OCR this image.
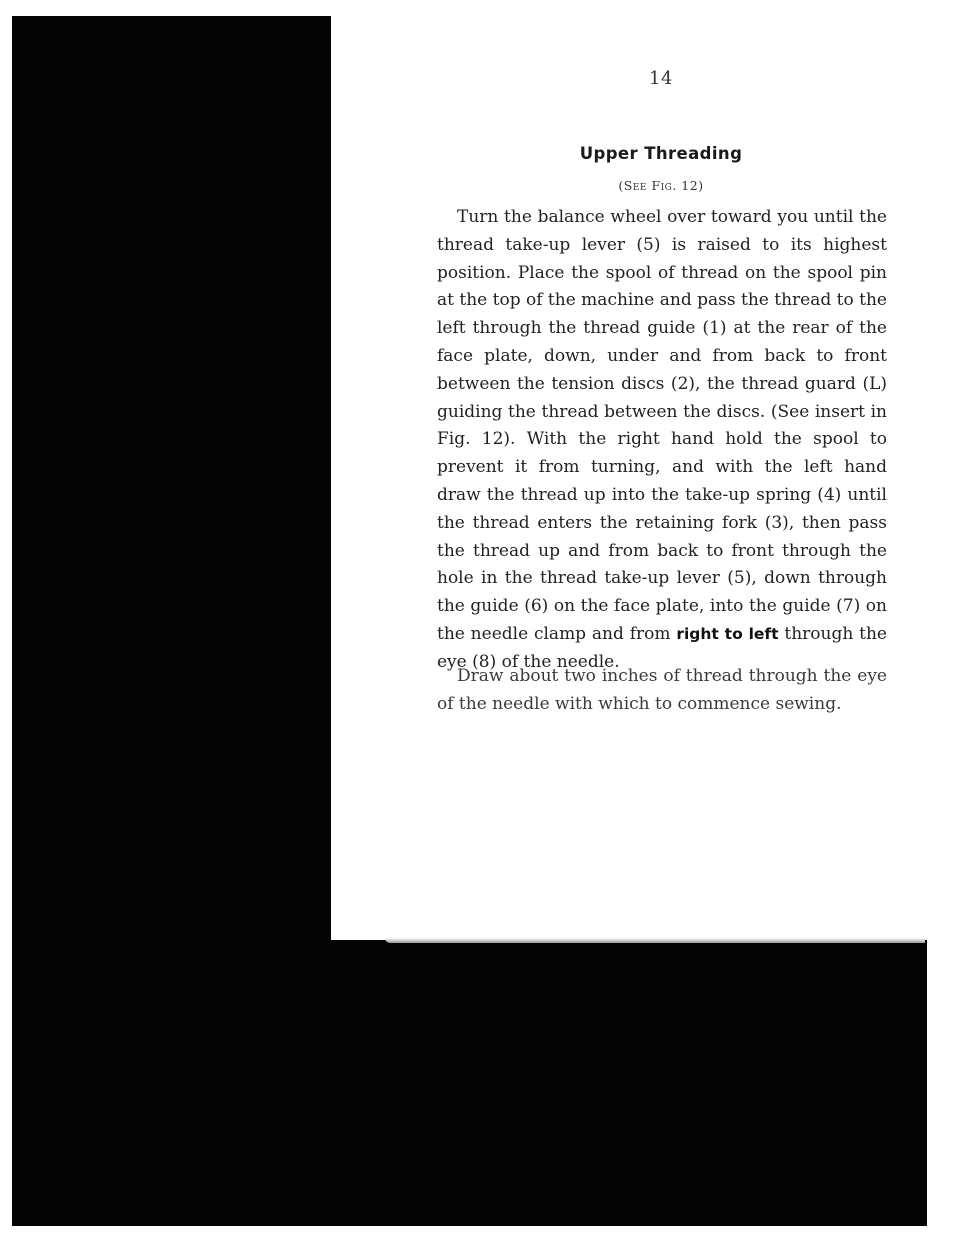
14
Upper Threading
(See Fig. 12)

Turn the balance wheel over toward you until the thread take-up lever (5) is raised to its highest position. Place the spool of thread on the spool pin at the top of the machine and pass the thread to the left through the thread guide (1) at the rear of the face plate, down, under and from back to front between the tension discs (2), the thread guard (L) guiding the thread between the discs. (See insert in Fig. 12). With the right hand hold the spool to prevent it from turning, and with the left hand draw the thread up into the take-up spring (4) until the thread enters the retaining fork (3), then pass the thread up and from back to front through the hole in the thread take-up lever (5), down through the guide (6) on the face plate, into the guide (7) on the needle clamp and from right to left through the eye (8) of the needle.

Draw about two inches of thread through the eye of the needle with which to commence sewing.
